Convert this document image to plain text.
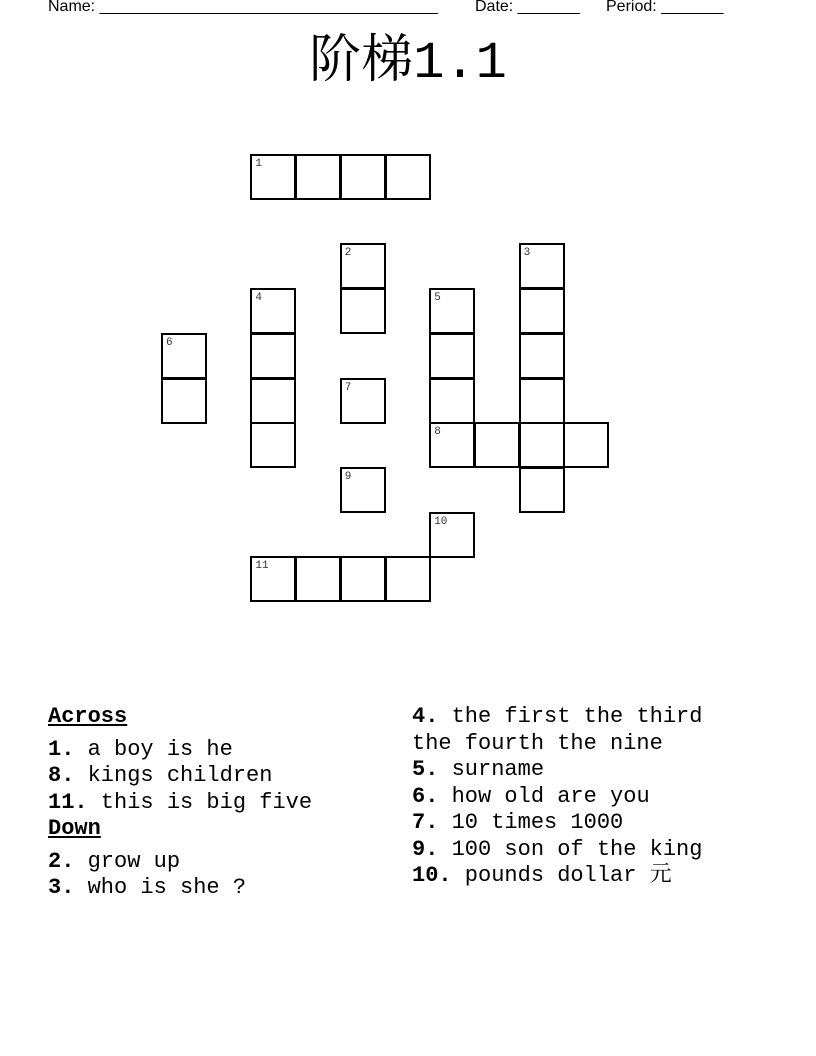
Name: ______________________________________

Date: _______

Period: _______

阶梯1.1
1
2	3
4	5
6
7
8
9
10
11
Across
1. a boy is he
8. kings children
11. this is big five
Down
2. grow up
3. who is she ?
4. the first the third the fourth the nine
5. surname
6. how old are you
7. 10 times 1000
9. 100 son of the king
10. pounds dollar 元
